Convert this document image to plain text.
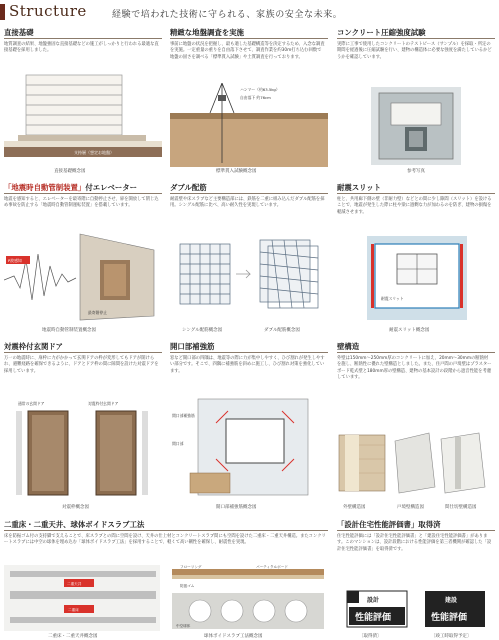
Structure	経験で培われた技術に守られる、家族の安全な未来。
直接基礎
地質調査の結果、地盤強固な直接基礎などの施工がしっかりと行われる最適な直接基礎を採用しました。
支持層（想定お地盤）
直接基礎概念図
精緻な地盤調査を実施
事前に地盤の状況を把握し、最も適した基礎構造等を決定するため、入念な調査を実施。一定重量の重りを自由落下させて、調査作業を約30m打ち込む回数で地盤の固さを調べる「標準貫入試験」や土質調査を行っております。
ハンマー（約63.5kg）
自由落下 約76cm
標準貫入試験概念図
コンクリート圧縮強度試験
実際に工事で使用したコンクリートのテストピース（サンプル）を採取・所定の期間を経過後に圧縮試験を行い、建物の構造体に必要な強度を満たしているかどうかを確認しています。
参考写真
「地震時自動管制装置」付エレベーター
地震を感知すると、エレベーターを最寄階に自動停止させ、扉を開放して閉じ込め事故を防止する「地震時自動管制運転装置」を搭載しています。
P波感知
最寄階停止
地震時自動管制装置概念図
ダブル配筋
耐震壁や床スラブなど主要構造部には、鉄筋を二重に組み込んだダブル配筋を採用。シングル配筋に比べ、高い耐久性を実現しています。
シングル配筋概念図	ダブル配筋概念図
耐震スリット
柱と、共用廊下側の壁（非耐力壁）などとの間に少し隙間（スリット）を設けることで、地震が発生した際に柱や梁に過剰な力が加わるのを防ぎ、建物の損傷を軽減させます。
耐震スリット
耐震スリット概念図
対震枠付玄関ドア
万一の地震時に、扉枠に力がかかって玄関ドアの枠が変形してもドアが開けられ、避難経路を確保できるように、ドアとドア枠の間に隙間を設けた対震ドアを採用しています。
通常の玄関ドア	対震枠付玄関ドア
対震枠概念図
開口部補強筋
窓など開口部の四隅は、地震等の際に力が集中しやすく、ひび割れが発生しやすい部分です。そこで、四隅に補強筋を斜めに施工し、ひび割れ対策を強化しています。
開口部補強筋
開口部
開口部補強筋概念図
壁構造
外壁は150mm〜250mm厚のコンクリートに加え、20mm〜30mmの断熱材を施し、断熱性に優れた壁構造としました。また、住戸間の戸境壁はプラスターボード乾式壁と180mm厚の壁構造、建物の基本設計の段階から遮音性能を考慮しています。
外壁構造図	戸境壁構造図	間仕切壁構造図
二重床・二重天井、球体ボイドスラブ工法
床を防振ゴム付の支持脚で支えることで、床スラブとの間に空間を設け、天井の仕上材とコンクリートスラブ間にも空間を設けた二重床・二重天井構造。またコンクリートスラブには中空の球体を埋め込む「球体ボイドスラブ工法」を採用することで、軽くて高い剛性を確保し、耐震性を実現。
二重天井
二重床
フローリング	パーティクルボード
防振ゴム
中空球体
二重床・二重天井概念図	球体ボイドスラブ工法概念図
「設計住宅性能評価書」取得済
住宅性能評価には「設計住宅性能評価書」と「建設住宅性能評価書」があります。このマンションは、設計段階における性能評価を第三者機関が確認した「設計住宅性能評価書」を取得済です。
設計
性能評価
建設
性能評価
〔取得済〕	〔竣工時取得予定〕
